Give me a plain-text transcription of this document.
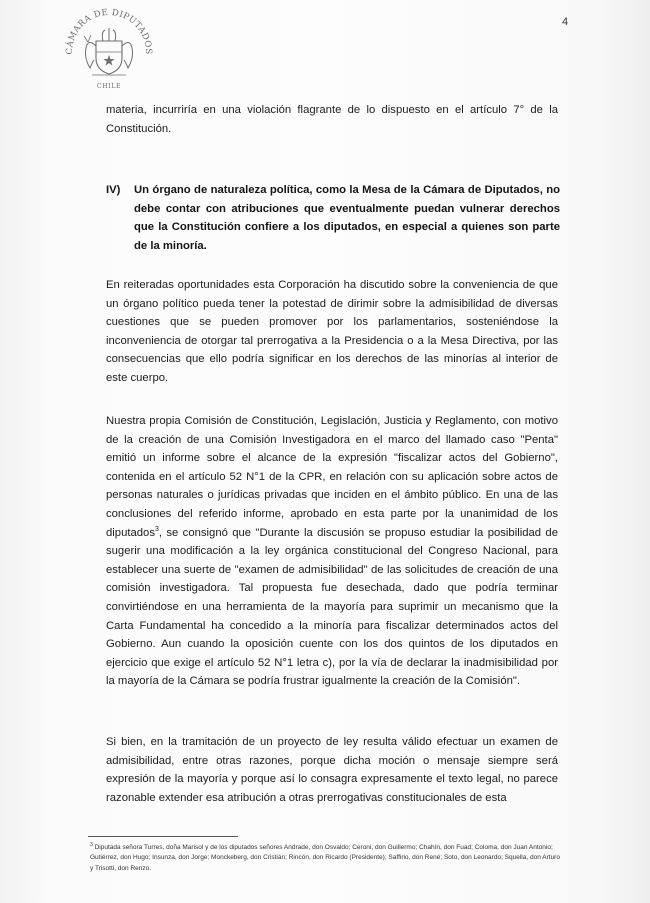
CÁMARA DE DIPUTADOS
CHILE
4

materia, incurriría en una violación flagrante de lo dispuesto en el artículo 7° de la Constitución.

IV) Un órgano de naturaleza política, como la Mesa de la Cámara de Diputados, no debe contar con atribuciones que eventualmente puedan vulnerar derechos que la Constitución confiere a los diputados, en especial a quienes son parte de la minoría.

En reiteradas oportunidades esta Corporación ha discutido sobre la conveniencia de que un órgano político pueda tener la potestad de dirimir sobre la admisibilidad de diversas cuestiones que se pueden promover por los parlamentarios, sosteniéndose la inconveniencia de otorgar tal prerrogativa a la Presidencia o a la Mesa Directiva, por las consecuencias que ello podría significar en los derechos de las minorías al interior de este cuerpo.

Nuestra propia Comisión de Constitución, Legislación, Justicia y Reglamento, con motivo de la creación de una Comisión Investigadora en el marco del llamado caso "Penta" emitió un informe sobre el alcance de la expresión "fiscalizar actos del Gobierno", contenida en el artículo 52 N°1 de la CPR, en relación con su aplicación sobre actos de personas naturales o jurídicas privadas que inciden en el ámbito público. En una de las conclusiones del referido informe, aprobado en esta parte por la unanimidad de los diputados$^3$, se consignó que "Durante la discusión se propuso estudiar la posibilidad de sugerir una modificación a la ley orgánica constitucional del Congreso Nacional, para establecer una suerte de "examen de admisibilidad" de las solicitudes de creación de una comisión investigadora. Tal propuesta fue desechada, dado que podría terminar convirtiéndose en una herramienta de la mayoría para suprimir un mecanismo que la Carta Fundamental ha concedido a la minoría para fiscalizar determinados actos del Gobierno. Aun cuando la oposición cuente con los dos quintos de los diputados en ejercicio que exige el artículo 52 N°1 letra c), por la vía de declarar la inadmisibilidad por la mayoría de la Cámara se podría frustrar igualmente la creación de la Comisión".

Si bien, en la tramitación de un proyecto de ley resulta válido efectuar un examen de admisibilidad, entre otras razones, porque dicha moción o mensaje siempre será expresión de la mayoría y porque así lo consagra expresamente el texto legal, no parece razonable extender esa atribución a otras prerrogativas constitucionales de esta

$^3$ Diputada señora Turres, doña Marisol y de los diputados señores Andrade, don Osvaldo; Ceroni, don Guillermo; Chahín, don Fuad; Coloma, don Juan Antonio; Gutiérrez, don Hugo; Insunza, don Jorge; Monckeberg, don Cristián; Rincón, don Ricardo (Presidente); Saffirio, don René; Soto, don Leonardo; Squella, don Arturo y Trisotti, don Renzo.
